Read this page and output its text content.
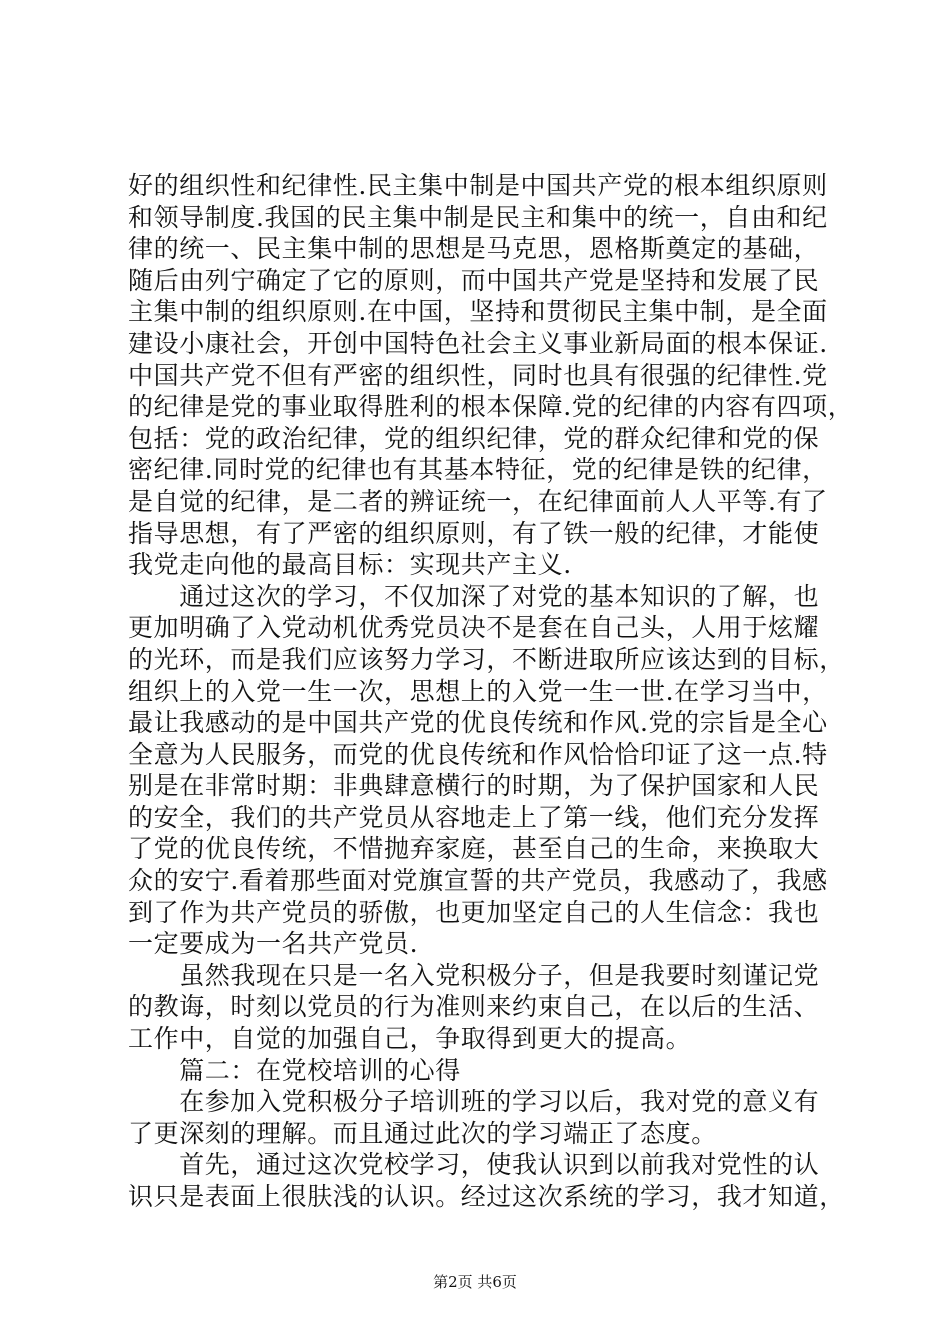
好的组织性和纪律性.民主集中制是中国共产党的根本组织原则
和领导制度.我国的民主集中制是民主和集中的统一，自由和纪
律的统一、民主集中制的思想是马克思，恩格斯奠定的基础，
随后由列宁确定了它的原则，而中国共产党是坚持和发展了民
主集中制的组织原则.在中国，坚持和贯彻民主集中制，是全面
建设小康社会，开创中国特色社会主义事业新局面的根本保证.
中国共产党不但有严密的组织性，同时也具有很强的纪律性.党
的纪律是党的事业取得胜利的根本保障.党的纪律的内容有四项，
包括：党的政治纪律，党的组织纪律，党的群众纪律和党的保
密纪律.同时党的纪律也有其基本特征，党的纪律是铁的纪律，
是自觉的纪律，是二者的辨证统一，在纪律面前人人平等.有了
指导思想，有了严密的组织原则，有了铁一般的纪律，才能使
我党走向他的最高目标：实现共产主义.
　　通过这次的学习，不仅加深了对党的基本知识的了解，也
更加明确了入党动机优秀党员决不是套在自己头，人用于炫耀
的光环，而是我们应该努力学习，不断进取所应该达到的目标，
组织上的入党一生一次，思想上的入党一生一世.在学习当中，
最让我感动的是中国共产党的优良传统和作风.党的宗旨是全心
全意为人民服务，而党的优良传统和作风恰恰印证了这一点.特
别是在非常时期：非典肆意横行的时期，为了保护国家和人民
的安全，我们的共产党员从容地走上了第一线，他们充分发挥
了党的优良传统，不惜抛弃家庭，甚至自己的生命，来换取大
众的安宁.看着那些面对党旗宣誓的共产党员，我感动了，我感
到了作为共产党员的骄傲，也更加坚定自己的人生信念：我也
一定要成为一名共产党员.
　　虽然我现在只是一名入党积极分子，但是我要时刻谨记党
的教诲，时刻以党员的行为准则来约束自己，在以后的生活、
工作中，自觉的加强自己，争取得到更大的提高。
　　篇二：在党校培训的心得
　　在参加入党积极分子培训班的学习以后，我对党的意义有
了更深刻的理解。而且通过此次的学习端正了态度。
　　首先，通过这次党校学习，使我认识到以前我对党性的认
识只是表面上很肤浅的认识。经过这次系统的学习，我才知道，
第2页 共6页
